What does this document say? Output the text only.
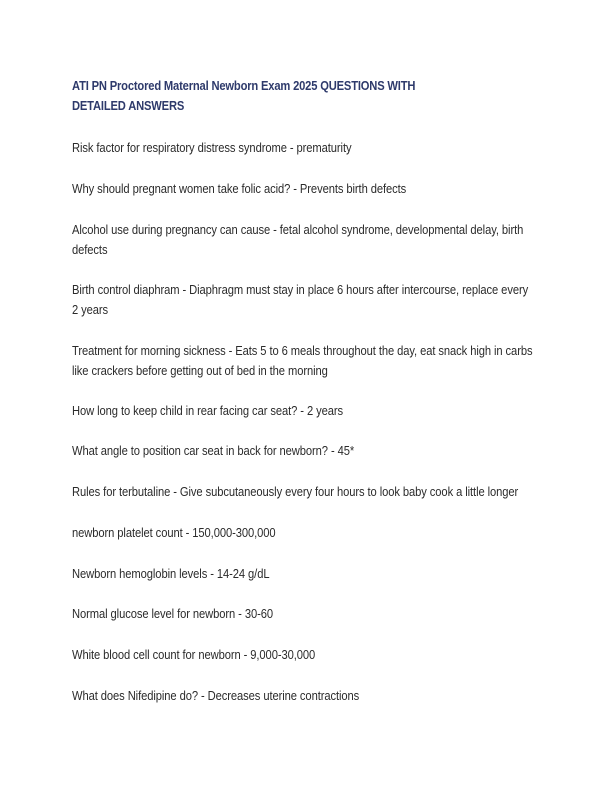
ATI PN Proctored Maternal Newborn Exam 2025 QUESTIONS WITH DETAILED ANSWERS

Risk factor for respiratory distress syndrome - prematurity

Why should pregnant women take folic acid? - Prevents birth defects

Alcohol use during pregnancy can cause - fetal alcohol syndrome, developmental delay, birth defects

Birth control diaphram - Diaphragm must stay in place 6 hours after intercourse, replace every 2 years

Treatment for morning sickness - Eats 5 to 6 meals throughout the day, eat snack high in carbs like crackers before getting out of bed in the morning

How long to keep child in rear facing car seat? - 2 years

What angle to position car seat in back for newborn? - 45*

Rules for terbutaline - Give subcutaneously every four hours to look baby cook a little longer

newborn platelet count - 150,000-300,000

Newborn hemoglobin levels - 14-24 g/dL

Normal glucose level for newborn - 30-60

White blood cell count for newborn - 9,000-30,000

What does Nifedipine do? - Decreases uterine contractions
